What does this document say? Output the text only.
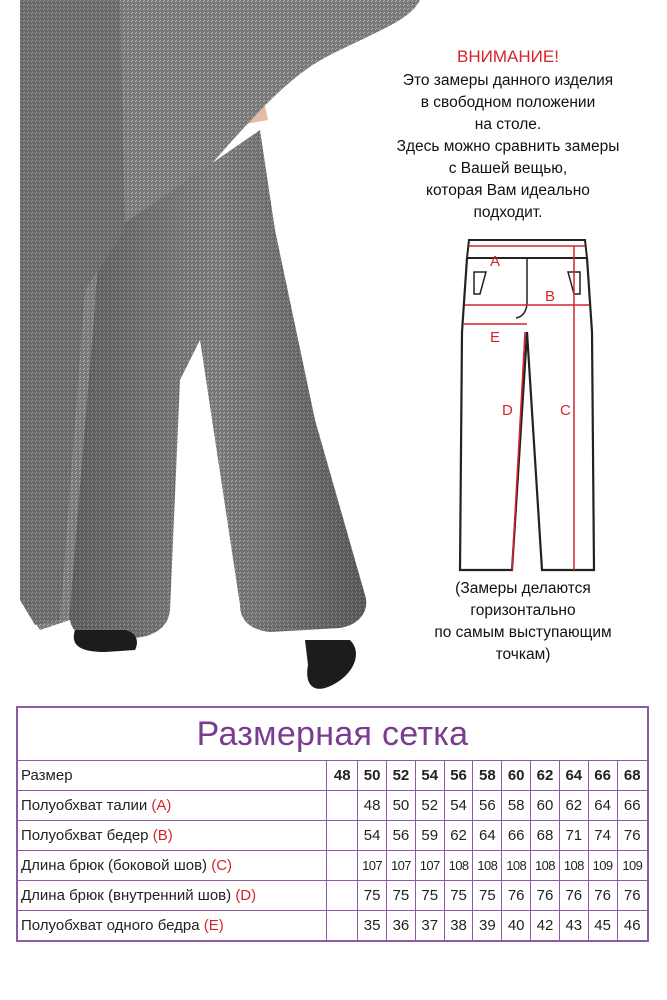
ВНИМАНИЕ!
Это замеры данного изделия
в свободном положении
на столе.
Здесь можно сравнить замеры
с Вашей вещью,
которая Вам идеально
подходит.
A
B
E
D	C
(Замеры делаются
горизонтально
по самым выступающим
точкам)
Размерная сетка
Размер	48	50	52	54	56	58	60	62	64	66	68
Полуобхват талии (A)		48	50	52	54	56	58	60	62	64	66
Полуобхват бедер (B)		54	56	59	62	64	66	68	71	74	76
Длина брюк (боковой шов) (C)		107	107	107	108	108	108	108	108	109	109
Длина брюк (внутренний шов) (D)		75	75	75	75	75	76	76	76	76	76
Полуобхват одного бедра (E)		35	36	37	38	39	40	42	43	45	46
